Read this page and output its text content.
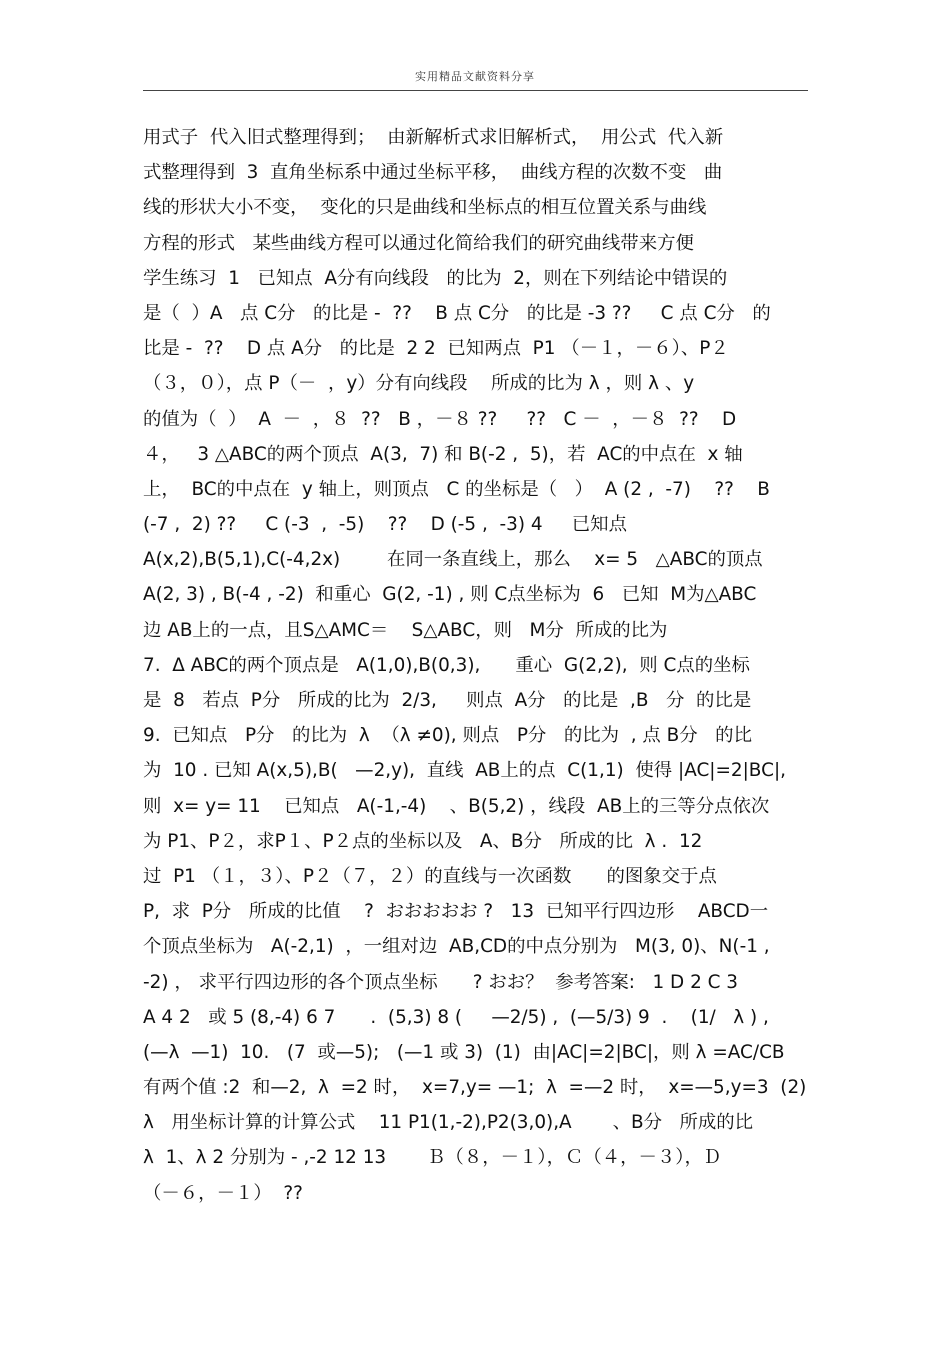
实用精品文献资料分享
用式子  代入旧式整理得到；  由新解析式求旧解析式，  用公式  代入新
式整理得到  3  直角坐标系中通过坐标平移，  曲线方程的次数不变   曲
线的形状大小不变，  变化的只是曲线和坐标点的相互位置关系与曲线
方程的形式   某些曲线方程可以通过化简给我们的研究曲线带来方便
学生练习  1   已知点  A分有向线段   的比为  2，则在下列结论中错误的
是（  ）A   点 C分   的比是 -  ??    B 点 C分   的比是 -3 ??     C 点 C分   的
比是 -  ??    D 点 A分   的比是  2 2  已知两点  P1 （－１，－６）、P２
（３，０），点 P（－  ，y）分有向线段    所成的比为 λ ，则 λ 、y
的值为（  ）  A  －  ，８  ??   B ，－８ ??     ??   C －  ，－８  ??    D
４，   3 △ABC的两个顶点  A(3,  7) 和 B(-2 ,  5)，若  AC的中点在  x 轴
上，  BC的中点在  y 轴上，则顶点   C 的坐标是（   ）  A (2 ,  -7)    ??    B
(-7 ,  2) ??     C (-3  ,  -5)    ??    D (-5 ,  -3) 4     已知点
A(x,2),B(5,1),C(-4,2x)        在同一条直线上，那么    x= 5   △ABC的顶点
A(2, 3) , B(-4 , -2)  和重心  G(2, -1) , 则 C点坐标为  6   已知  M为△ABC
边 AB上的一点，且S△AMC＝    S△ABC，则   M分  所成的比为
7.  Δ ABC的两个顶点是   A(1,0),B(0,3),      重心  G(2,2),  则 C点的坐标
是  8   若点  P分   所成的比为  2/3,     则点  A分   的比是  ,B   分  的比是
9.  已知点   P分   的比为  λ  （λ ≠0), 则点   P分   的比为  , 点 B分   的比
为  10 . 已知 A(x,5),B(   —2,y),  直线  AB上的点  C(1,1)  使得 |AC|=2|BC|,
则  x= y= 11    已知点   A(-1,-4)    、B(5,2) ，线段  AB上的三等分点依次
为 P1、P２，求P１、P２点的坐标以及   A、B分   所成的比  λ .  12
过  P1 （１，３）、P２（７，２）的直线与一次函数      的图象交于点
P,  求  P分   所成的比值    ?  おおおおお ?   13  已知平行四边形    ABCD一
个顶点坐标为   A(-2,1)  ，一组对边  AB,CD的中点分别为   M(3, 0)、N(-1 ,
-2) ， 求平行四边形的各个顶点坐标      ? おお？  参考答案:   1 D 2 C 3
A 4 2   或 5 (8,-4) 6 7      .  (5,3) 8 (     —2/5) ,  (—5/3) 9  .    (1/   λ ) ,
(—λ  —1)  10.   (7  或—5);   (—1 或 3)  (1)  由|AC|=2|BC|，则 λ =AC/CB
有两个值 :2  和—2,  λ  =2 时，  x=7,y= —1;  λ  =—2 时，  x=—5,y=3  (2)
λ   用坐标计算的计算公式    11 P1(1,-2),P2(3,0),A       、B分   所成的比
λ  1、λ 2 分别为 - ,-2 12 13       Ｂ（８，－１），Ｃ（４，－３），Ｄ
（－６，－１）  ??
